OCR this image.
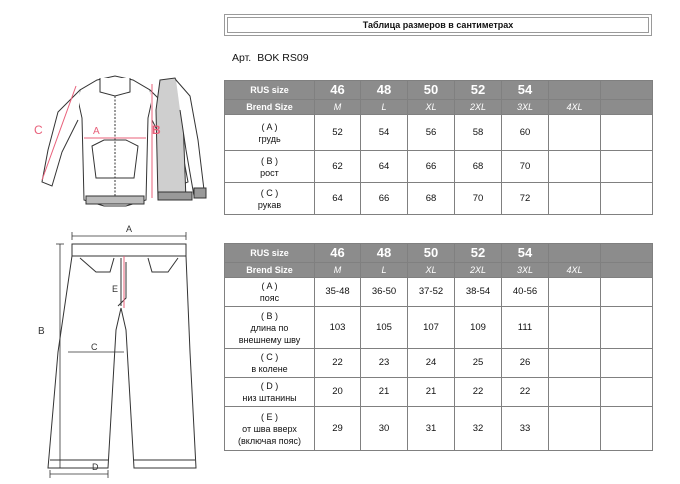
Таблица размеров в сантиметрах
Арт. BOK RS09
A	B
C
A
B
C
D
E
RUS size	46	48	50	52	54		
Brend Size	M	L	XL	2XL	3XL	4XL	

( A )
грудь	52	54	56	58	60		

( B )
рост	62	64	66	68	70		

( C )
рукав	64	66	68	70	72		
RUS size	46	48	50	52	54		
Brend Size	M	L	XL	2XL	3XL	4XL	

( A )
пояс	35-48	36-50	37-52	38-54	40-56		

( B )
длина по
внешнему шву	103	105	107	109	111		

( C )
в колене	22	23	24	25	26		

( D )
низ штанины	20	21	21	22	22		

( E )
от шва вверх
(включая пояс)	29	30	31	32	33		
